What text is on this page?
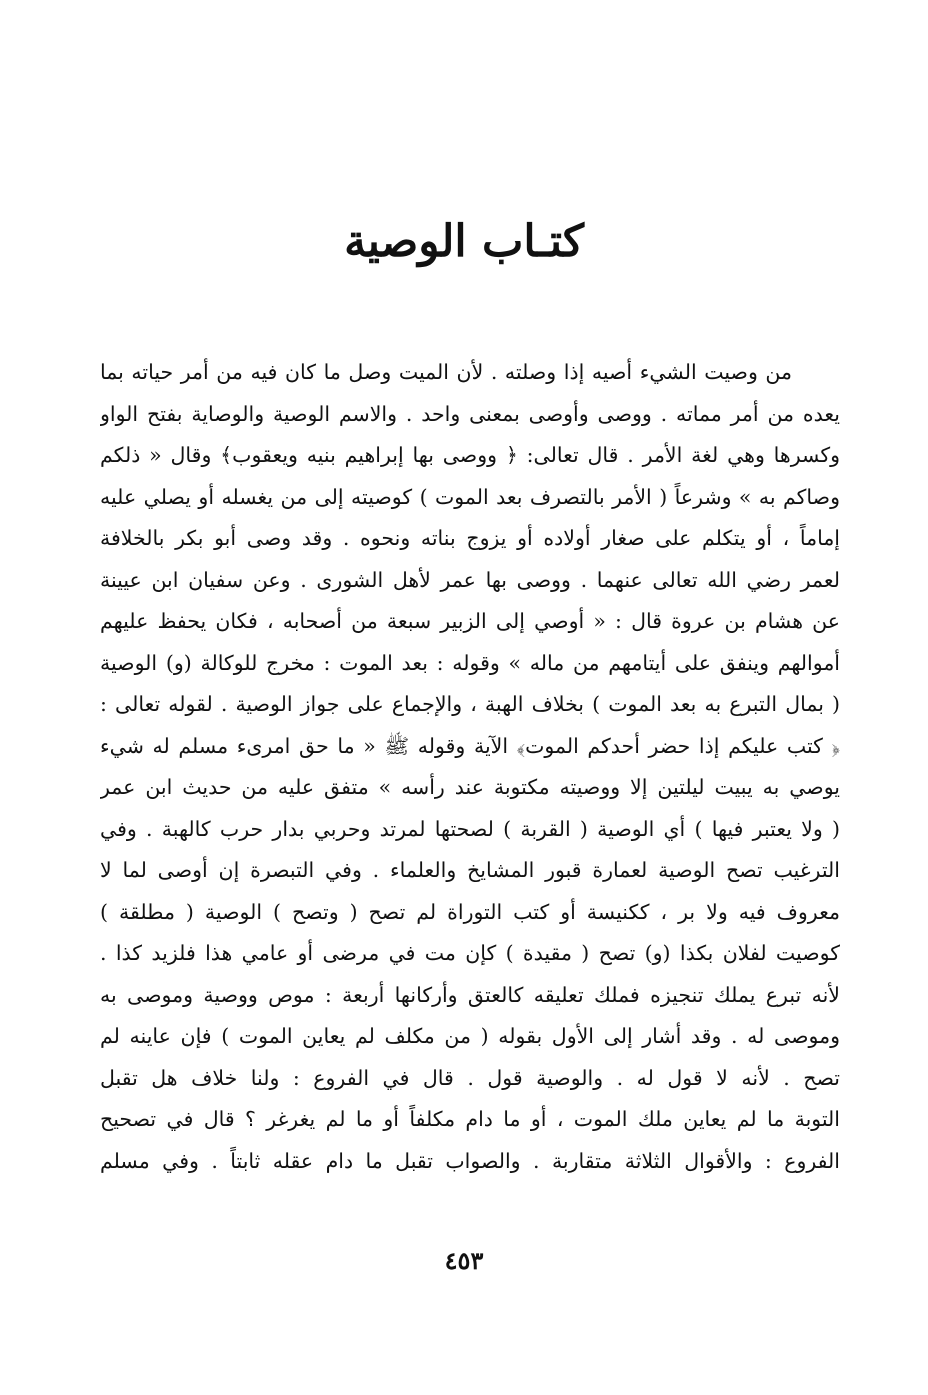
كتـاب الوصية
من وصيت الشيء أصيه إذا وصلته . لأن الميت وصل ما كان فيه من أمر حياته بما
يعده من أمر مماته . ووصى وأوصى بمعنى واحد . والاسم الوصية والوصاية بفتح الواو
وكسرها وهي لغة الأمر . قال تعالى: ﴿ ووصى بها إبراهيم بنيه ويعقوب﴾ وقال « ذلكم
وصاكم به » وشرعاً ( الأمر بالتصرف بعد الموت ) كوصيته إلى من يغسله أو يصلي عليه
إماماً ، أو يتكلم على صغار أولاده أو يزوج بناته ونحوه . وقد وصى أبو بكر بالخلافة
لعمر رضي الله تعالى عنهما . ووصى بها عمر لأهل الشورى . وعن سفيان ابن عيينة
عن هشام بن عروة قال : « أوصي إلى الزبير سبعة من أصحابه ، فكان يحفظ عليهم
أموالهم وينفق على أيتامهم من ماله » وقوله : بعد الموت : مخرج للوكالة (و) الوصية
( بمال التبرع به بعد الموت ) بخلاف الهبة ، والإجماع على جواز الوصية . لقوله تعالى :
﴿ كتب عليكم إذا حضر أحدكم الموت﴾ الآية وقوله ﷺ « ما حق امرىء مسلم له شيء
يوصي به يبيت ليلتين إلا ووصيته مكتوبة عند رأسه » متفق عليه من حديث ابن عمر
( ولا يعتبر فيها ) أي الوصية ( القربة ) لصحتها لمرتد وحربي بدار حرب كالهبة . وفي
الترغيب تصح الوصية لعمارة قبور المشايخ والعلماء . وفي التبصرة إن أوصى لما لا
معروف فيه ولا بر ، ككنيسة أو كتب التوراة لم تصح ( وتصح ) الوصية ( مطلقة )
كوصيت لفلان بكذا (و) تصح ( مقيدة ) كإن مت في مرضى أو عامي هذا فلزيد كذا .
لأنه تبرع يملك تنجيزه فملك تعليقه كالعتق وأركانها أربعة : موص ووصية وموصى به
وموصى له . وقد أشار إلى الأول بقوله ( من مكلف لم يعاين الموت ) فإن عاينه لم
تصح . لأنه لا قول له . والوصية قول . قال في الفروع : ولنا خلاف هل تقبل
التوبة ما لم يعاين ملك الموت ، أو ما دام مكلفاً أو ما لم يغرغر ؟ قال في تصحيح
الفروع : والأقوال الثلاثة متقاربة . والصواب تقبل ما دام عقله ثابتاً . وفي مسلم
٤٥٣
